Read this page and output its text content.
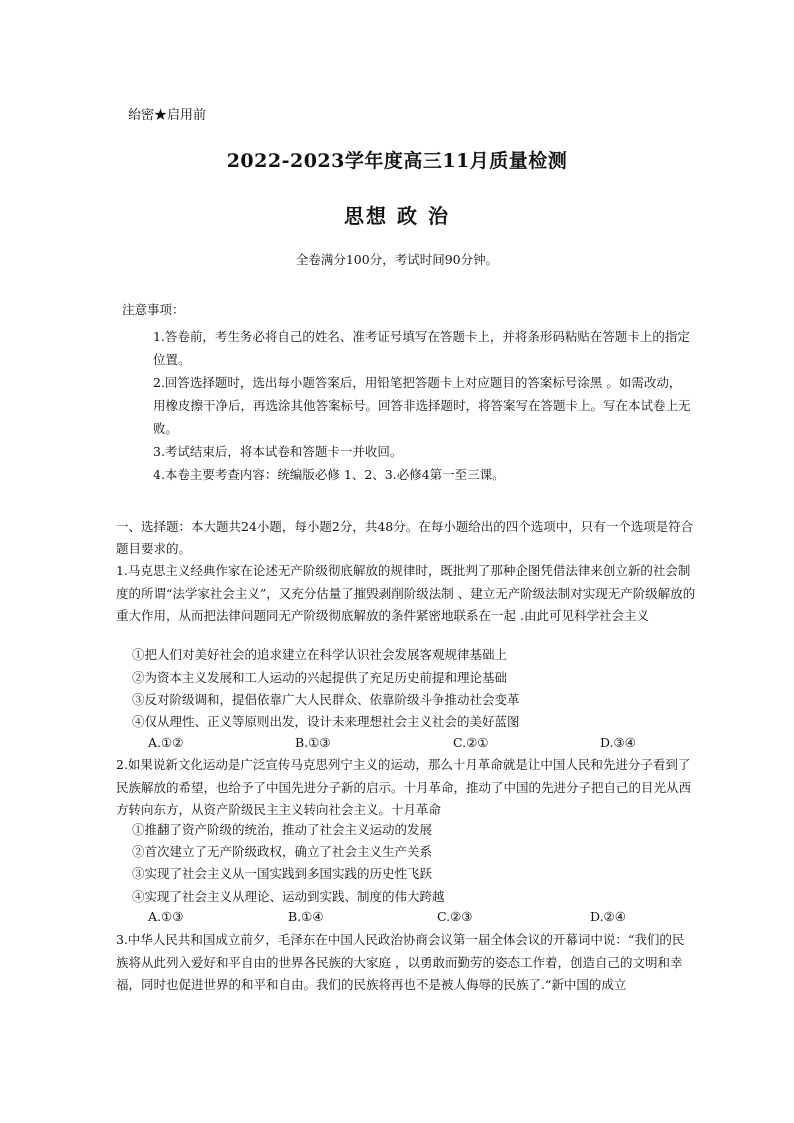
绐密★启用前
2022-2023学年度高三11月质量检测
思想 政 治
全卷满分100分，考试时间90分钟。
注意事项：

1.答卷前，考生务必将自己的姓名、准考证号填写在答题卡上，并将条形码粘贴在答题卡上的指定位置。

2.回答选择题时，选出每小题答案后，用铅笔把答题卡上对应题目的答案标号涂黑 。如需改动，用橡皮擦干净后，再选涂其他答案标号。回答非选择题时，将答案写在答题卡上。写在本试卷上无败。

3.考试结束后，将本试卷和答题卡一并收回。

4.本卷主要考查内容：统编版必修 1、2、3.必修4第一至三课。

一、选择题：本大题共24小题，每小题2分，共48分。在每小题给出的四个选项中，只有一个选项是符合题目要求的。
1.马克思主义经典作家在论述无产阶级彻底解放的规律时，既批判了那种企图凭借法律来创立新的社会制度的所谓“法学家社会主义”，又充分估量了摧毁剥削阶级法制 、建立无产阶级法制对实现无产阶级解放的重大作用，从而把法律问题同无产阶级彻底解放的条件紧密地联系在一起 .由此可见科学社会主义
①把人们对美好社会的追求建立在科学认识社会发展客观规律基础上
②为资本主义发展和工人运动的兴起提供了充足历史前提和理论基础
③反对阶级调和，提倡依靠广大人民群众、依靠阶级斗争推动社会变革
④仅从理性、正义等原则出发，设计未来理想社会主义社会的美好蓝图
A.①②	B.①③	C.②①	D.③④
2.如果说新文化运动是广泛宣传马克思列宁主义的运动，那么十月革命就是让中国人民和先进分子看到了民族解放的希望，也给予了中国先进分子新的启示。十月革命，推动了中国的先进分子把自己的目光从西方转向东方，从资产阶级民主主义转向社会主义。十月革命
①推翻了资产阶级的统治，推动了社会主义运动的发展
②首次建立了无产阶级政权，确立了社会主义生产关系
③实现了社会主义从一国实践到多国实践的历史性飞跃
④实现了社会主义从理论、运动到实践、制度的伟大跨越
A.①③	B.①④	C.②③	D.②④
3.中华人民共和国成立前夕，毛泽东在中国人民政治协商会议第一届全体会议的开幕词中说：“我们的民族将从此列入爱好和平自由的世界各民族的大家庭 ，以勇敢而勤劳的姿态工作着，创造自己的文明和幸福，同时也促进世界的和平和自由。我们的民族将再也不是被人侮辱的民族了.“新中国的成立
